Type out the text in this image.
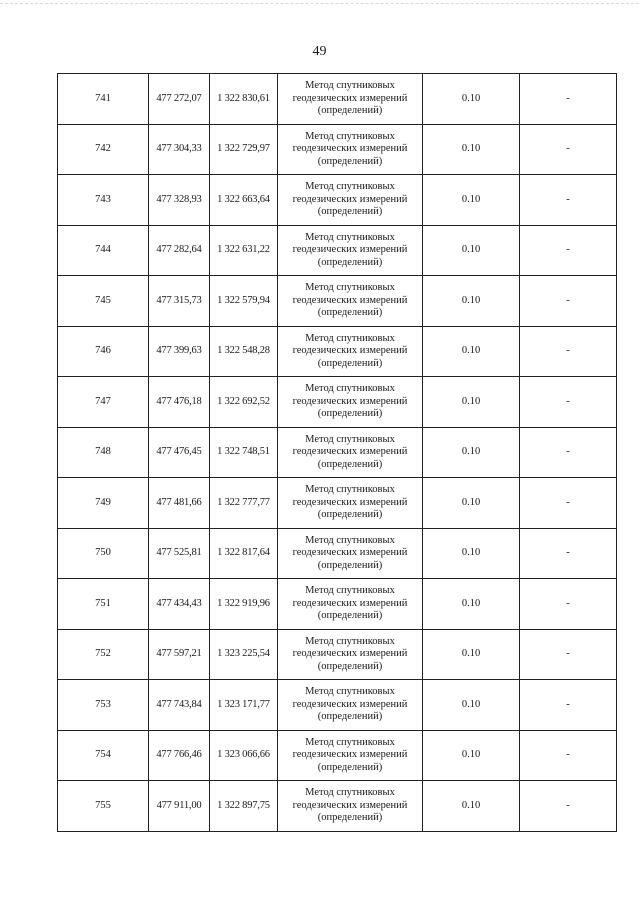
49
741	477 272,07	1 322 830,61	Метод спутниковых
геодезических измерений
(определений)	0.10	-
742	477 304,33	1 322 729,97	Метод спутниковых
геодезических измерений
(определений)	0.10	-
743	477 328,93	1 322 663,64	Метод спутниковых
геодезических измерений
(определений)	0.10	-
744	477 282,64	1 322 631,22	Метод спутниковых
геодезических измерений
(определений)	0.10	-
745	477 315,73	1 322 579,94	Метод спутниковых
геодезических измерений
(определений)	0.10	-
746	477 399,63	1 322 548,28	Метод спутниковых
геодезических измерений
(определений)	0.10	-
747	477 476,18	1 322 692,52	Метод спутниковых
геодезических измерений
(определений)	0.10	-
748	477 476,45	1 322 748,51	Метод спутниковых
геодезических измерений
(определений)	0.10	-
749	477 481,66	1 322 777,77	Метод спутниковых
геодезических измерений
(определений)	0.10	-
750	477 525,81	1 322 817,64	Метод спутниковых
геодезических измерений
(определений)	0.10	-
751	477 434,43	1 322 919,96	Метод спутниковых
геодезических измерений
(определений)	0.10	-
752	477 597,21	1 323 225,54	Метод спутниковых
геодезических измерений
(определений)	0.10	-
753	477 743,84	1 323 171,77	Метод спутниковых
геодезических измерений
(определений)	0.10	-
754	477 766,46	1 323 066,66	Метод спутниковых
геодезических измерений
(определений)	0.10	-
755	477 911,00	1 322 897,75	Метод спутниковых
геодезических измерений
(определений)	0.10	-
